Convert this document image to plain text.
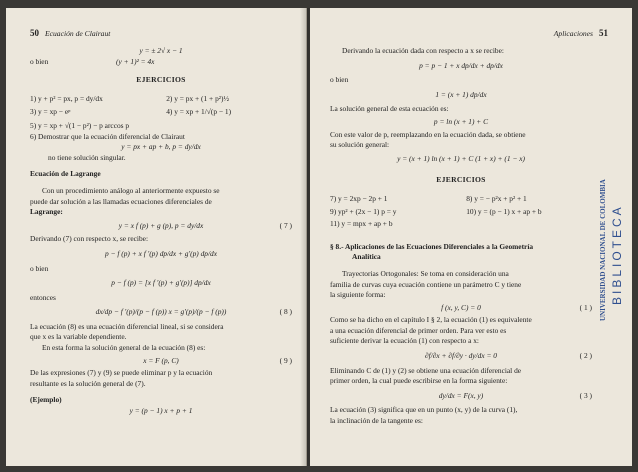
50 Ecuación de Clairaut
y = ± 2√ x − 1
o bien	(y + 1)² = 4x
EJERCICIOS
1) y + p² = px, p = dy/dx	2) y = px + (1 + p²)½
3) y = xp − eᵖ	4) y = xp + 1/√(p − 1)
5) y = xp + √(1 − p²) − p arccos p
6) Demostrar que la ecuación diferencial de Clairaut
y = px + ap + b, p = dy/dx
no tiene solución singular.
Ecuación de Lagrange
Con un procedimiento análogo al anteriormente expuesto se
puede dar solución a las llamadas ecuaciones diferenciales de
Lagrange:
y = x f (p) + g (p), p = dy/dx	( 7 )
Derivando (7) con respecto x, se recibe:
p − f (p) + x f ′(p) dp/dx + g′(p) dp/dx
o bien
p − f (p) = [x f ′(p) + g′(p)] dp/dx
entonces
dx/dp − f ′(p)/(p − f (p)) x = g′(p)/(p − f (p))	( 8 )
La ecuación (8) es una ecuación diferencial lineal, si se considera
que x es la variable dependiente.
En esta forma la solución general de la ecuación (8) es:
x = F (p, C)	( 9 )
De las expresiones (7) y (9) se puede eliminar p y la ecuación
resultante es la solución general de (7).
(Ejemplo)
y = (p − 1) x + p + 1
Aplicaciones 51
Derivando la ecuación dada con respecto a x se recibe:
p = p − 1 + x dp/dx + dp/dx
o bien
1 = (x + 1) dp/dx
La solución general de esta ecuación es:
p = ln (x + 1) + C
Con este valor de p, reemplazando en la ecuación dada, se obtiene
su solución general:
y = (x + 1) ln (x + 1) + C (1 + x) + (1 − x)
EJERCICIOS
7) y = 2xp − 2p + 1	8) y = − p²x + p² + 1
9) yp² + (2x − 1) p = y	10) y = (p − 1) x + ap + b
11) y = mpx + ap + b
§ 8.- Aplicaciones de las Ecuaciones Diferenciales a la Geometría
Analítica
Trayectorias Ortogonales: Se toma en consideración una
familia de curvas cuya ecuación contiene un parámetro C y tiene
la siguiente forma:
f (x, y, C) = 0	( 1 )
Como se ha dicho en el capítulo I § 2, la ecuación (1) es equivalente
a una ecuación diferencial de primer orden. Para ver esto es
suficiente derivar la ecuación (1) con respecto a x:
∂f/∂x + ∂f/∂y · dy/dx = 0	( 2 )
Eliminando C de (1) y (2) se obtiene una ecuación diferencial de
primer orden, la cual puede escribirse en la forma siguiente:
dy/dx = F(x, y)	( 3 )
La ecuación (3) significa que en un punto (x, y) de la curva (1),
la inclinación de la tangente es:
UNIVERSIDAD NACIONAL DE COLOMBIA BIBLIOTECA
